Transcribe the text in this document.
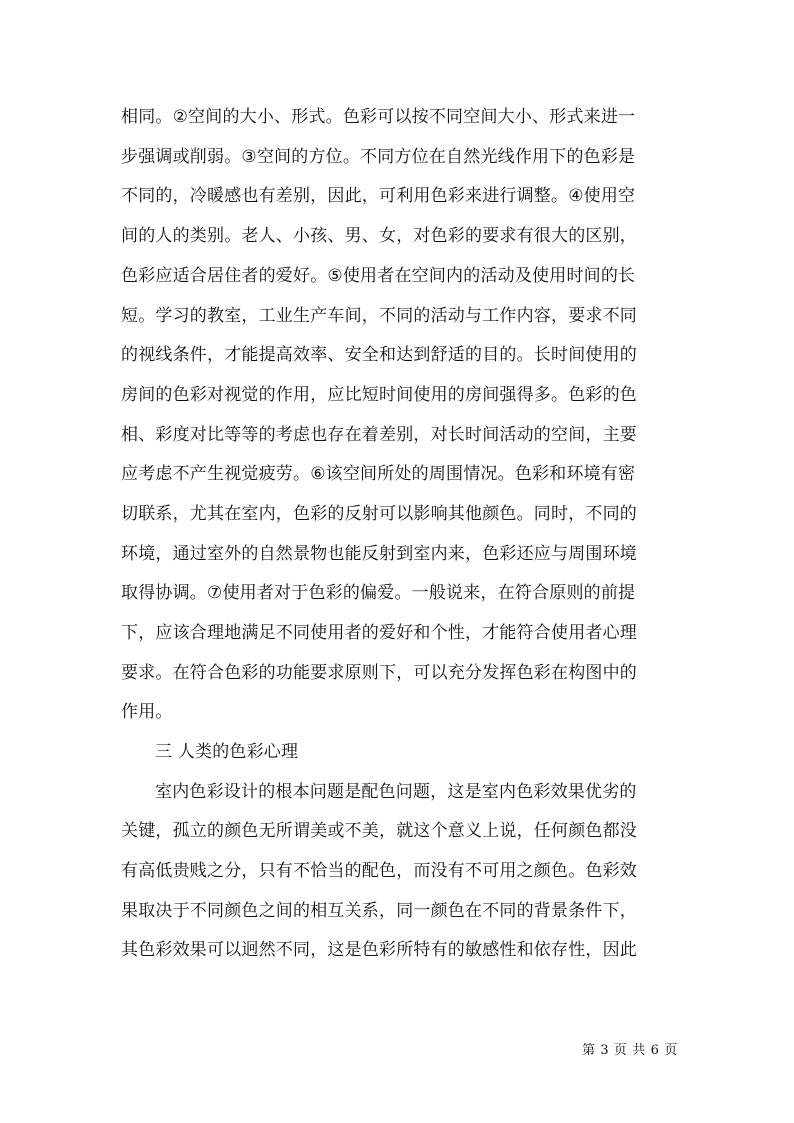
相同。②空间的大小、形式。色彩可以按不同空间大小、形式来进一
步强调或削弱。③空间的方位。不同方位在自然光线作用下的色彩是
不同的，冷暖感也有差别，因此，可利用色彩来进行调整。④使用空
间的人的类别。老人、小孩、男、女，对色彩的要求有很大的区别，
色彩应适合居住者的爱好。⑤使用者在空间内的活动及使用时间的长
短。学习的教室，工业生产车间，不同的活动与工作内容，要求不同
的视线条件，才能提高效率、安全和达到舒适的目的。长时间使用的
房间的色彩对视觉的作用，应比短时间使用的房间强得多。色彩的色
相、彩度对比等等的考虑也存在着差别，对长时间活动的空间，主要
应考虑不产生视觉疲劳。⑥该空间所处的周围情况。色彩和环境有密
切联系，尤其在室内，色彩的反射可以影响其他颜色。同时，不同的
环境，通过室外的自然景物也能反射到室内来，色彩还应与周围环境
取得协调。⑦使用者对于色彩的偏爱。一般说来，在符合原则的前提
下，应该合理地满足不同使用者的爱好和个性，才能符合使用者心理
要求。在符合色彩的功能要求原则下，可以充分发挥色彩在构图中的
作用。
三 人类的色彩心理
室内色彩设计的根本问题是配色问题，这是室内色彩效果优劣的
关键，孤立的颜色无所谓美或不美，就这个意义上说，任何颜色都没
有高低贵贱之分，只有不恰当的配色，而没有不可用之颜色。色彩效
果取决于不同颜色之间的相互关系，同一颜色在不同的背景条件下，
其色彩效果可以迥然不同，这是色彩所特有的敏感性和依存性，因此
第 3 页 共 6 页
